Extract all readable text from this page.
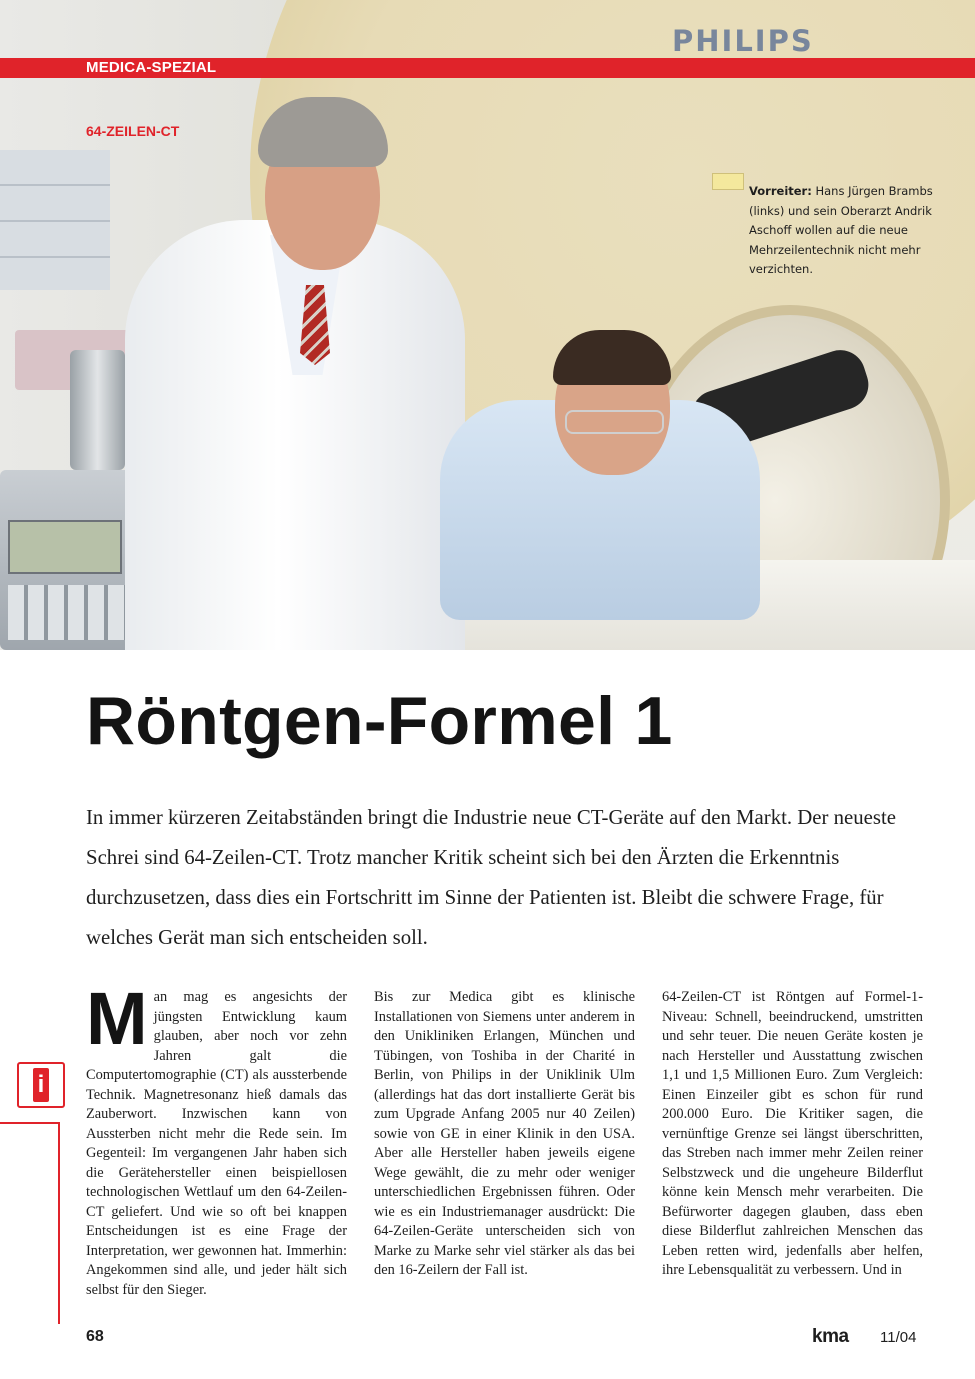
PHILIPS
Vorreiter: Hans Jürgen Brambs (links) und sein Oberarzt Andrik Aschoff wollen auf die neue Mehrzeilentechnik nicht mehr verzichten.
MEDICA-SPEZIAL
64-ZEILEN-CT
Röntgen-Formel 1

In immer kürzeren Zeitabständen bringt die Industrie neue CT-Geräte auf den Markt. Der neueste Schrei sind 64-Zeilen-CT. Trotz mancher Kritik scheint sich bei den Ärzten die Erkenntnis durchzusetzen, dass dies ein Fortschritt im Sinne der Patienten ist. Bleibt die schwere Frage, für welches Gerät man sich entscheiden soll.

i

Man mag es angesichts der jüngsten Entwicklung kaum glauben, aber noch vor zehn Jahren galt die Computertomographie (CT) als aussterbende Technik. Magnetresonanz hieß damals das Zauberwort. Inzwischen kann von Aussterben nicht mehr die Rede sein. Im Gegenteil: Im vergangenen Jahr haben sich die Gerätehersteller einen beispiellosen technologischen Wettlauf um den 64-Zeilen-CT geliefert. Und wie so oft bei knappen Entscheidungen ist es eine Frage der Interpretation, wer gewonnen hat. Immerhin: Angekommen sind alle, und jeder hält sich selbst für den Sieger.

Bis zur Medica gibt es klinische Installationen von Siemens unter anderem in den Unikliniken Erlangen, München und Tübingen, von Toshiba in der Charité in Berlin, von Philips in der Uniklinik Ulm (allerdings hat das dort installierte Gerät bis zum Upgrade Anfang 2005 nur 40 Zeilen) sowie von GE in einer Klinik in den USA. Aber alle Hersteller haben jeweils eigene Wege gewählt, die zu mehr oder weniger unterschiedlichen Ergebnissen führen. Oder wie es ein Industriemanager ausdrückt: Die 64-Zeilen-Geräte unterscheiden sich von Marke zu Marke sehr viel stärker als das bei den 16-Zeilern der Fall ist.

64-Zeilen-CT ist Röntgen auf Formel-1-Niveau: Schnell, beeindruckend, umstritten und sehr teuer. Die neuen Geräte kosten je nach Hersteller und Ausstattung zwischen 1,1 und 1,5 Millionen Euro. Zum Vergleich: Einen Einzeiler gibt es schon für rund 200.000 Euro. Die Kritiker sagen, die vernünftige Grenze sei längst überschritten, das Streben nach immer mehr Zeilen reiner Selbstzweck und die ungeheure Bilderflut könne kein Mensch mehr verarbeiten. Die Befürworter dagegen glauben, dass eben diese Bilderflut zahlreichen Menschen das Leben retten wird, jedenfalls aber helfen, ihre Lebensqualität zu verbessern. Und in

68	kma 11/04
